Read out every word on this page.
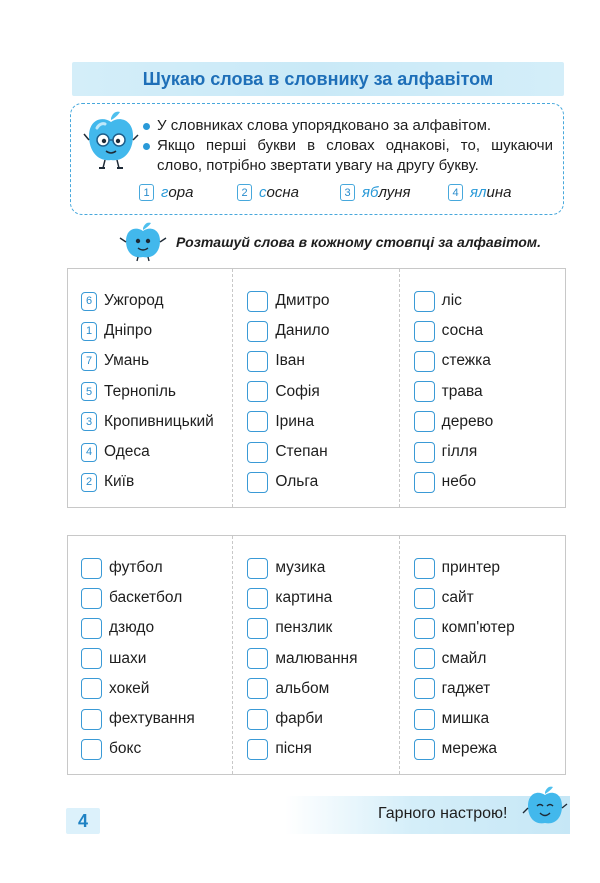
Шукаю слова в словнику за алфавітом
У словниках слова упорядковано за алфавітом.
Якщо перші букви в словах однакові, то, шукаючи слово, потрібно звертати увагу на другу букву.
1 г ора	2 с осна	3 яб луня	4 ял ина
Розташуй слова в кожному стовпці за алфавітом.
6 Ужгород
1 Дніпро
7 Умань
5 Тернопіль
3 Кропивницький
4 Одеса
2 Київ
Дмитро
Данило
Іван
Софія
Ірина
Степан
Ольга
ліс
сосна
стежка
трава
дерево
гілля
небо
футбол
баскетбол
дзюдо
шахи
хокей
фехтування
бокс
музика
картина
пензлик
малювання
альбом
фарби
пісня
принтер
сайт
комп'ютер
смайл
гаджет
мишка
мережа
4	Гарного настрою!
